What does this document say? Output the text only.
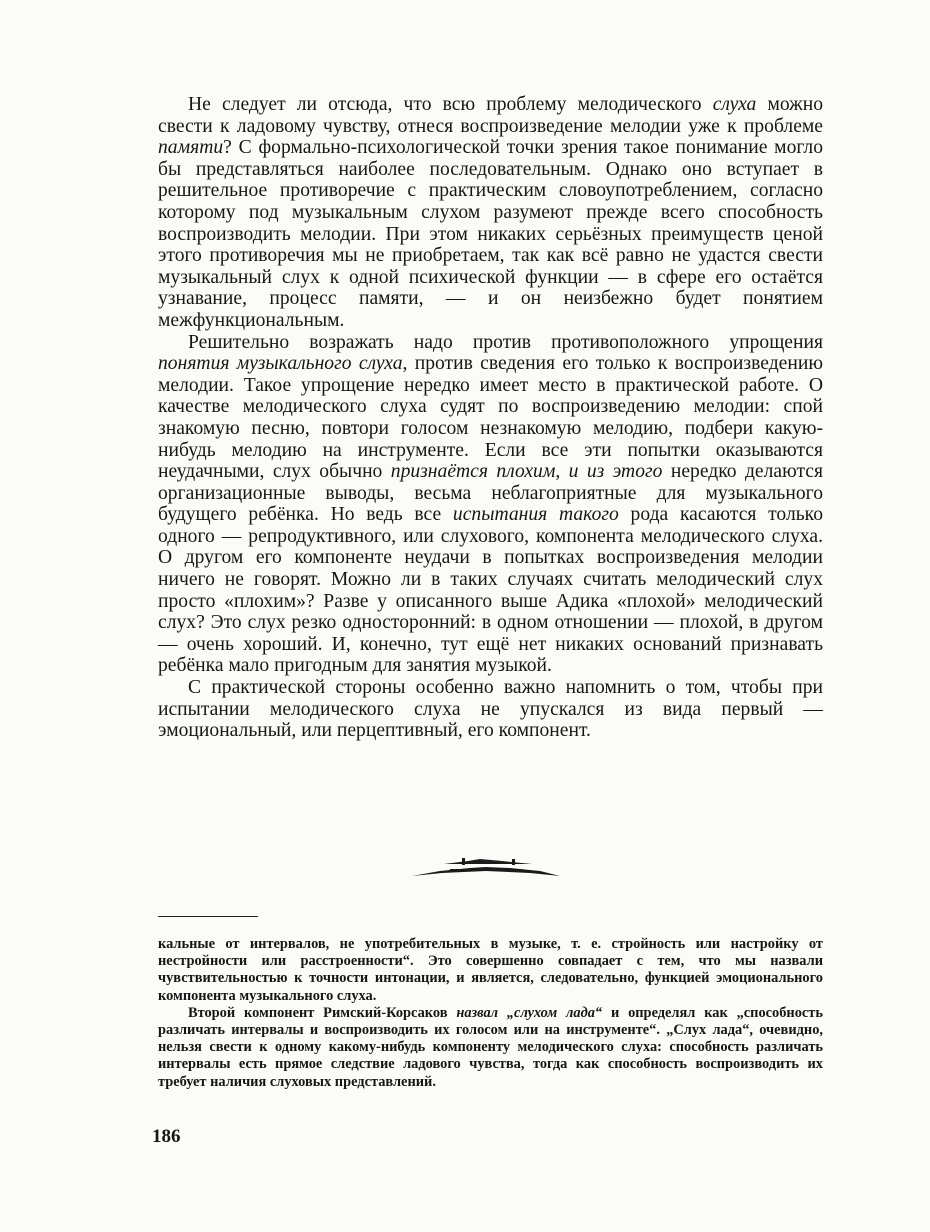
Не следует ли отсюда, что всю проблему мелодического слуха можно свести к ладовому чувству, отнеся воспроизведение мелодии уже к проблеме памяти? С формально-психологической точки зрения такое понимание могло бы представляться наиболее последовательным. Однако оно вступает в решительное противоречие с практическим словоупотреблением, согласно которому под музыкальным слухом разумеют прежде всего способность воспроизводить мелодии. При этом никаких серьёзных преимуществ ценой этого противоречия мы не приобретаем, так как всё равно не удастся свести музыкальный слух к одной психической функции — в сфере его остаётся узнавание, процесс памяти, — и он неизбежно будет понятием межфункциональным.

Решительно возражать надо против противоположного упрощения понятия музыкального слуха, против сведения его только к воспроизведению мелодии. Такое упрощение нередко имеет место в практической работе. О качестве мелодического слуха судят по воспроизведению мелодии: спой знакомую песню, повтори голосом незнакомую мелодию, подбери какую-нибудь мелодию на инструменте. Если все эти попытки оказываются неудачными, слух обычно признаётся плохим, и из этого нередко делаются организационные выводы, весьма неблагоприятные для музыкального будущего ребёнка. Но ведь все испытания такого рода касаются только одного — репродуктивного, или слухового, компонента мелодического слуха. О другом его компоненте неудачи в попытках воспроизведения мелодии ничего не говорят. Можно ли в таких случаях считать мелодический слух просто «плохим»? Разве у описанного выше Адика «плохой» мелодический слух? Это слух резко односторонний: в одном отношении — плохой, в другом — очень хороший. И, конечно, тут ещё нет никаких оснований признавать ребёнка мало пригодным для занятия музыкой.

С практической стороны особенно важно напомнить о том, чтобы при испытании мелодического слуха не упускался из вида первый — эмоциональный, или перцептивный, его компонент.

кальные от интервалов, не употребительных в музыке, т. е. стройность или настройку от нестройности или расстроенности“. Это совершенно совпадает с тем, что мы назвали чувствительностью к точности интонации, и является, следовательно, функцией эмоционального компонента музыкального слуха.

Второй компонент Римский-Корсаков назвал „слухом лада“ и определял как „способность различать интервалы и воспроизводить их голосом или на инструменте“. „Слух лада“, очевидно, нельзя свести к одному какому-нибудь компоненту мелодического слуха: способность различать интервалы есть прямое следствие ладового чувства, тогда как способность воспроизводить их требует наличия слуховых представлений.

186
